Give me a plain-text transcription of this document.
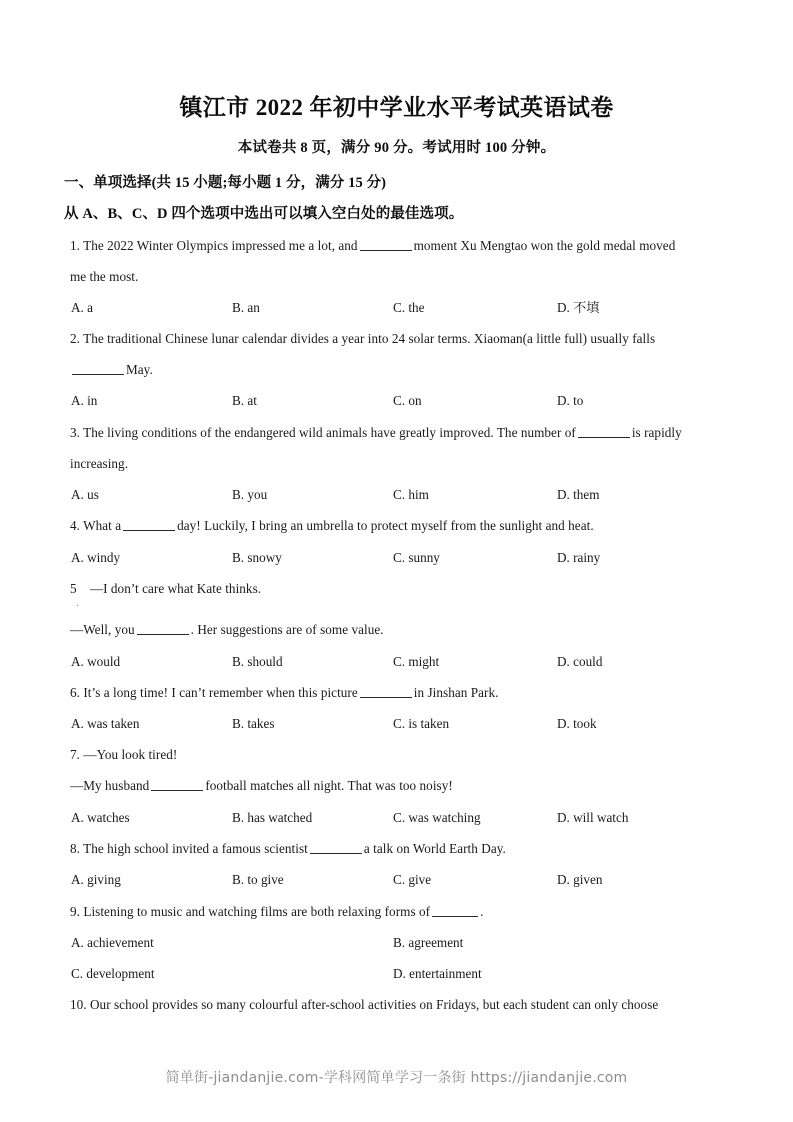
镇江市 2022 年初中学业水平考试英语试卷
本试卷共 8 页，满分 90 分。考试用时 100 分钟。
一、单项选择(共 15 小题;每小题 1 分，满分 15 分)
从 A、B、C、D 四个选项中选出可以填入空白处的最佳选项。
1. The 2022 Winter Olympics impressed me a lot, and	moment Xu Mengtao won the gold medal moved
me the most.
A. a	B. an	C. the	D. 不填
2. The traditional Chinese lunar calendar divides a year into 24 solar terms. Xiaoman(a little full) usually falls
May.
A. in	B. at	C. on	D. to
3. The living conditions of the endangered wild animals have greatly improved. The number of	is rapidly
increasing.
A. us	B. you	C. him	D. them
4. What a	day! Luckily, I bring an umbrella to protect myself from the sunlight and heat.
A. windy	B. snowy	C. sunny	D. rainy
5　—I don’t care what Kate thinks.
.
—Well, you	. Her suggestions are of some value.
A. would	B. should	C. might	D. could
6. It’s a long time! I can’t remember when this picture	in Jinshan Park.
A. was taken	B. takes	C. is taken	D. took
7. —You look tired!
—My husband	football matches all night. That was too noisy!
A. watches	B. has watched	C. was watching	D. will watch
8. The high school invited a famous scientist	a talk on World Earth Day.
A. giving	B. to give	C. give	D. given
9. Listening to music and watching films are both relaxing forms of	.
A. achievement	B. agreement
C. development	D. entertainment
10. Our school provides so many colourful after-school activities on Fridays, but each student can only choose
简单街-jiandanjie.com-学科网简单学习一条街 https://jiandanjie.com
